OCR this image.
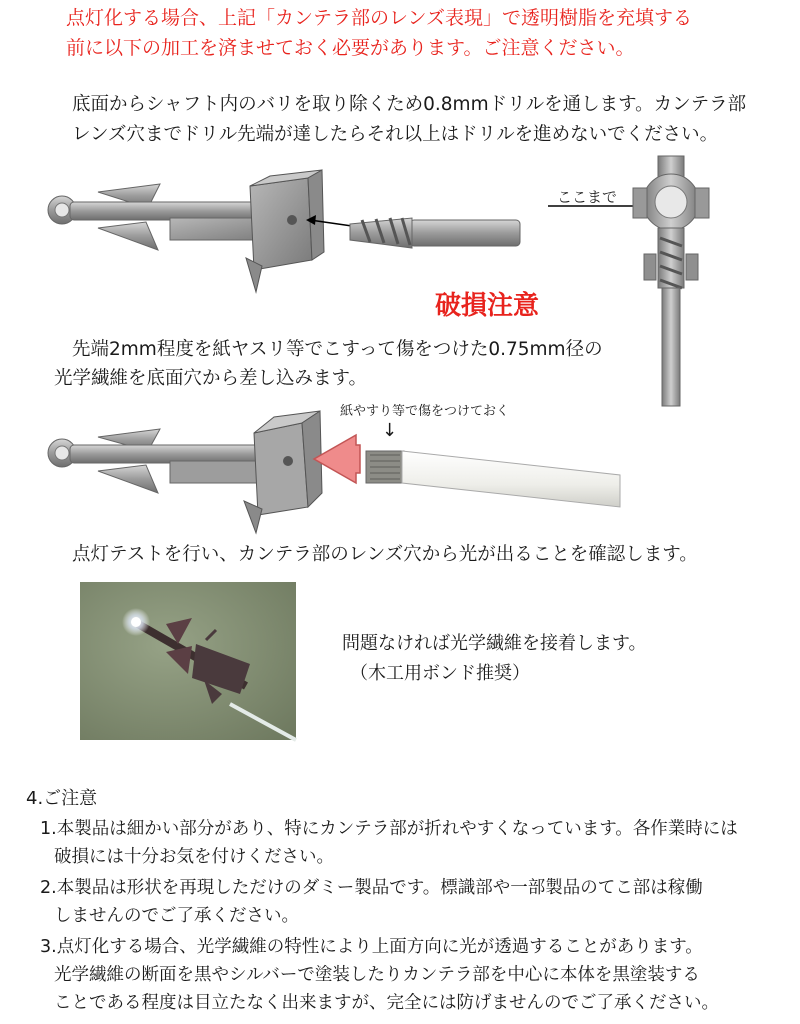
点灯化する場合、上記「カンテラ部のレンズ表現」で透明樹脂を充填する
前に以下の加工を済ませておく必要があります。ご注意ください。
底面からシャフト内のバリを取り除くため0.8mmドリルを通します。カンテラ部
レンズ穴までドリル先端が達したらそれ以上はドリルを進めないでください。
ここまで
破損注意
先端2mm程度を紙ヤスリ等でこすって傷をつけた0.75mm径の
光学繊維を底面穴から差し込みます。
紙やすり等で傷をつけておく
↓
点灯テストを行い、カンテラ部のレンズ穴から光が出ることを確認します。
問題なければ光学繊維を接着します。
（木工用ボンド推奨）
4.ご注意
1.本製品は細かい部分があり、特にカンテラ部が折れやすくなっています。各作業時には
破損には十分お気を付けください。
2.本製品は形状を再現しただけのダミー製品です。標識部や一部製品のてこ部は稼働
しませんのでご了承ください。
3.点灯化する場合、光学繊維の特性により上面方向に光が透過することがあります。
光学繊維の断面を黒やシルバーで塗装したりカンテラ部を中心に本体を黒塗装する
ことである程度は目立たなく出来ますが、完全には防げませんのでご了承ください。
